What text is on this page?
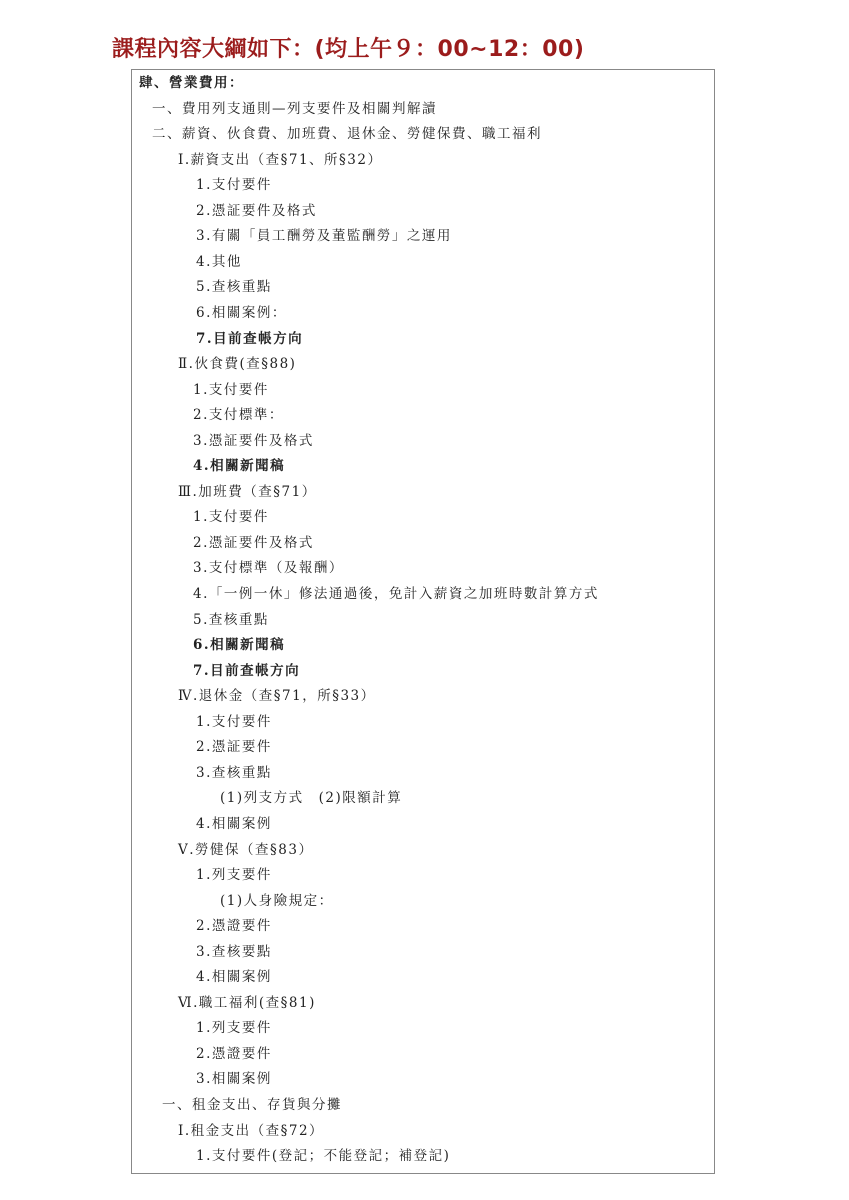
課程內容大綱如下：(均上午９：00~12：00)
肆、營業費用：
一、費用列支通則—列支要件及相關判解讀
二、薪資、伙食費、加班費、退休金、勞健保費、職工福利
Ⅰ.薪資支出（查§71、所§32）
1.支付要件
2.憑証要件及格式
3.有關「員工酬勞及董監酬勞」之運用
4.其他
5.查核重點
6.相關案例：
7.目前查帳方向
Ⅱ.伙食費(查§88)
1.支付要件
2.支付標準：
3.憑証要件及格式
4.相關新聞稿
Ⅲ.加班費（查§71）
1.支付要件
2.憑証要件及格式
3.支付標準（及報酬）
4.「一例一休」修法通過後，免計入薪資之加班時數計算方式
5.查核重點
6.相關新聞稿
7.目前查帳方向
Ⅳ.退休金（查§71，所§33）
1.支付要件
2.憑証要件
3.查核重點
(1)列支方式　(2)限額計算
4.相關案例
Ⅴ.勞健保（查§83）
1.列支要件
(1)人身險規定：
2.憑證要件
3.查核要點
4.相關案例
Ⅵ.職工福利(查§81)
1.列支要件
2.憑證要件
3.相關案例
一、租金支出、存貨與分攤
Ⅰ.租金支出（查§72）
1.支付要件(登記；不能登記；補登記)
